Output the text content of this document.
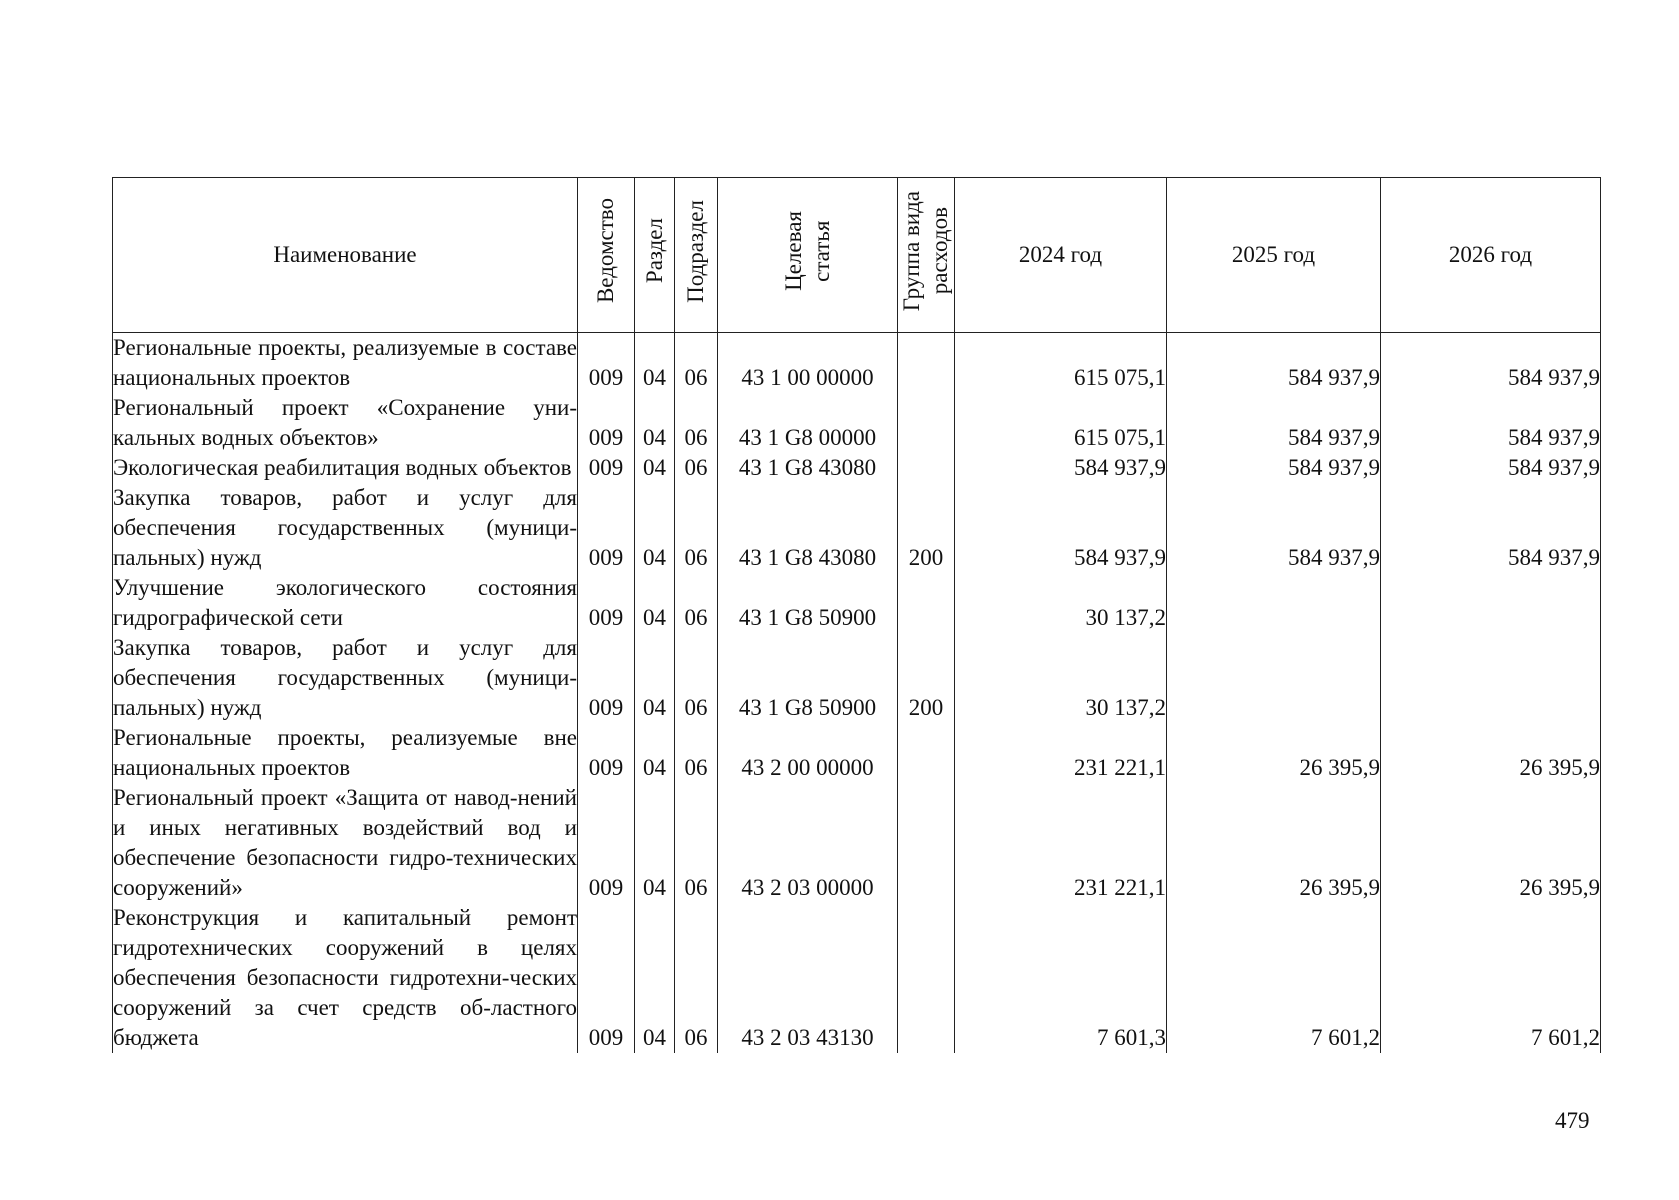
Наименование	Ведомство	Раздел	Подраздел	Целевая статья	Группа вида расходов	2024 год	2025 год	2026 год
Региональные проекты, реализуемые в составе национальных проектов	009	04	06	43 1 00 00000		615 075,1	584 937,9	584 937,9
Региональный проект «Сохранение уни-кальных водных объектов»	009	04	06	43 1 G8 00000		615 075,1	584 937,9	584 937,9
Экологическая реабилитация водных объектов	009	04	06	43 1 G8 43080		584 937,9	584 937,9	584 937,9
Закупка товаров, работ и услуг для обеспечения государственных (муници-пальных) нужд	009	04	06	43 1 G8 43080	200	584 937,9	584 937,9	584 937,9
Улучшение экологического состояния гидрографической сети	009	04	06	43 1 G8 50900		30 137,2		
Закупка товаров, работ и услуг для обеспечения государственных (муници-пальных) нужд	009	04	06	43 1 G8 50900	200	30 137,2		
Региональные проекты, реализуемые вне национальных проектов	009	04	06	43 2 00 00000		231 221,1	26 395,9	26 395,9
Региональный проект «Защита от навод-нений и иных негативных воздействий вод и обеспечение безопасности гидро-технических сооружений»	009	04	06	43 2 03 00000		231 221,1	26 395,9	26 395,9
Реконструкция и капитальный ремонт гидротехнических сооружений в целях обеспечения безопасности гидротехни-ческих сооружений за счет средств об-ластного бюджета	009	04	06	43 2 03 43130		7 601,3	7 601,2	7 601,2
479
